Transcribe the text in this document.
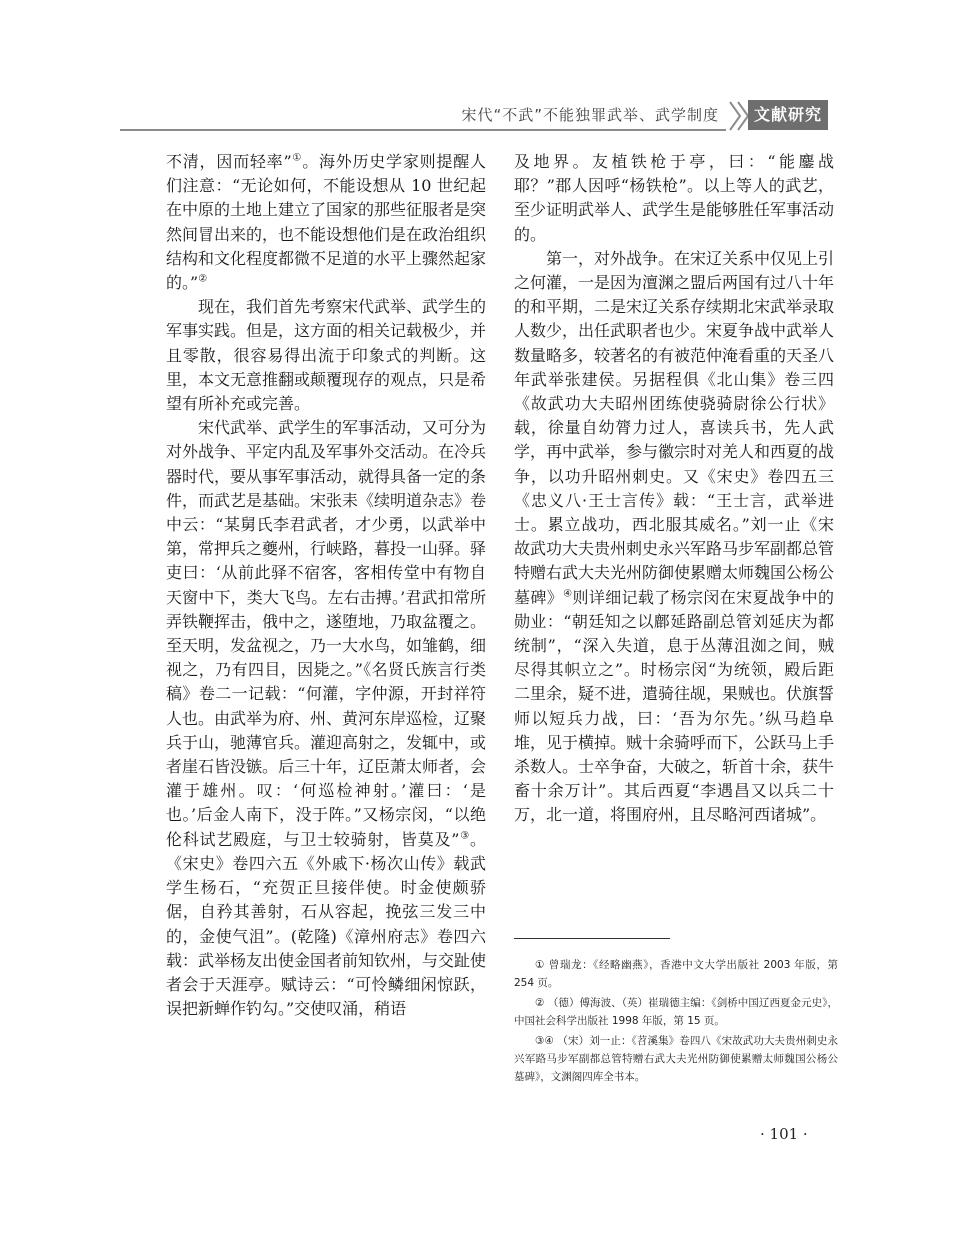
宋代“不武”不能独罪武举、武学制度	文献研究

不清，因而轻率”①。海外历史学家则提醒人们注意：“无论如何，不能设想从 10 世纪起在中原的土地上建立了国家的那些征服者是突然间冒出来的，也不能设想他们是在政治组织结构和文化程度都微不足道的水平上骤然起家的。”②

现在，我们首先考察宋代武举、武学生的军事实践。但是，这方面的相关记载极少，并且零散，很容易得出流于印象式的判断。这里，本文无意推翻或颠覆现存的观点，只是希望有所补充或完善。

宋代武举、武学生的军事活动，又可分为对外战争、平定内乱及军事外交活动。在冷兵器时代，要从事军事活动，就得具备一定的条件，而武艺是基础。宋张耒《续明道杂志》卷中云：“某舅氏李君武者，才少勇，以武举中第，常押兵之夔州，行峡路，暮投一山驿。驿吏曰：‘从前此驿不宿客，客相传堂中有物自天窗中下，类大飞鸟。左右击搏。’君武扣常所弄铁鞭挥击，俄中之，遂堕地，乃取盆覆之。至天明，发盆视之，乃一大水鸟，如雏鹤，细视之，乃有四目，因毙之。”《名贤氏族言行类稿》卷二一记载：“何灌，字仲源，开封祥符人也。由武举为府、州、黄河东岸巡检，辽聚兵于山，驰薄官兵。灌迎高射之，发辄中，或者崖石皆没镞。后三十年，辽臣萧太师者，会灌于雄州。叹：‘何巡检神射。’灌曰：‘是也。’后金人南下，没于阵。”又杨宗闵，“以绝伦科试艺殿庭，与卫士较骑射，皆莫及”③。《宋史》卷四六五《外戚下·杨次山传》载武学生杨石，“充贺正旦接伴使。时金使颇骄倨，自矜其善射，石从容起，挽弦三发三中的，金使气沮”。(乾隆)《漳州府志》卷四六载：武举杨友出使金国者前知钦州，与交趾使者会于天涯亭。赋诗云：“可怜鳞细闲惊跃，误把新蝉作钓勾。”交使叹涌，稍语

及地界。友植铁枪于亭，曰：“能鏖战耶？”郡人因呼“杨铁枪”。以上等人的武艺，至少证明武举人、武学生是能够胜任军事活动的。

第一，对外战争。在宋辽关系中仅见上引之何灌，一是因为澶渊之盟后两国有过八十年的和平期，二是宋辽关系存续期北宋武举录取人数少，出任武职者也少。宋夏争战中武举人数量略多，较著名的有被范仲淹看重的天圣八年武举张建侯。另据程俱《北山集》卷三四《故武功大夫昭州团练使骁骑尉徐公行状》载，徐量自幼膂力过人，喜读兵书，先人武学，再中武举，参与徽宗时对羌人和西夏的战争，以功升昭州刺史。又《宋史》卷四五三《忠义八·王士言传》载：“王士言，武举进士。累立战功，西北服其威名。”刘一止《宋故武功大夫贵州刺史永兴军路马步军副都总管特赠右武大夫光州防御使累赠太师魏国公杨公墓碑》④则详细记载了杨宗闵在宋夏战争中的勋业：“朝廷知之以鄜延路副总管刘延庆为都统制”，“深入失道，息于丛薄沮洳之间，贼尽得其帜立之”。时杨宗闵“为统领，殿后距二里余，疑不进，遣骑往觇，果贼也。伏旗誓师以短兵力战，曰：‘吾为尔先。’纵马趋阜堆，见于横掉。贼十余骑呼而下，公跃马上手杀数人。士卒争奋，大破之，斩首十余，获牛畜十余万计”。其后西夏“李遇昌又以兵二十万，北一道，将围府州，且尽略河西诸城”。

① 曾瑞龙：《经略幽燕》，香港中文大学出版社 2003 年版，第 254 页。

② （德）傅海波、（英）崔瑞德主编：《剑桥中国辽西夏金元史》，中国社会科学出版社 1998 年版，第 15 页。

③④ （宋）刘一止：《苕溪集》卷四八《宋故武功大夫贵州刺史永兴军路马步军副都总管特赠右武大夫光州防御使累赠太师魏国公杨公墓碑》，文渊阁四库全书本。

· 101 ·
